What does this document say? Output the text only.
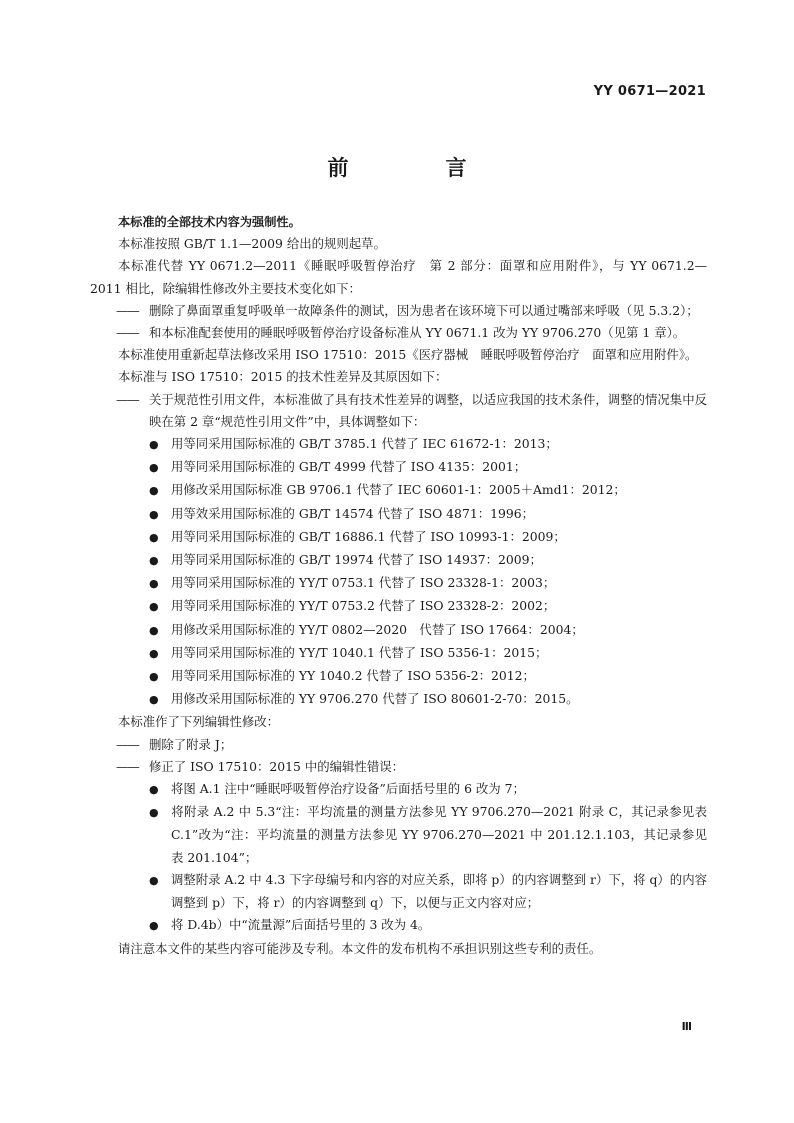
YY 0671—2021
前　言

本标准的全部技术内容为强制性。

本标准按照 GB/T 1.1—2009 给出的规则起草。

本标准代替 YY 0671.2—2011《睡眠呼吸暂停治疗　第 2 部分：面罩和应用附件》，与 YY 0671.2—2011 相比，除编辑性修改外主要技术变化如下：

—— 删除了鼻面罩重复呼吸单一故障条件的测试，因为患者在该环境下可以通过嘴部来呼吸（见 5.3.2）；

—— 和本标准配套使用的睡眠呼吸暂停治疗设备标准从 YY 0671.1 改为 YY 9706.270（见第 1 章）。

本标准使用重新起草法修改采用 ISO 17510：2015《医疗器械　睡眠呼吸暂停治疗　面罩和应用附件》。

本标准与 ISO 17510：2015 的技术性差异及其原因如下：

—— 关于规范性引用文件，本标准做了具有技术性差异的调整，以适应我国的技术条件，调整的情况集中反映在第 2 章“规范性引用文件”中，具体调整如下：

● 用等同采用国际标准的 GB/T 3785.1 代替了 IEC 61672-1：2013；

● 用等同采用国际标准的 GB/T 4999 代替了 ISO 4135：2001；

● 用修改采用国际标准 GB 9706.1 代替了 IEC 60601-1：2005＋Amd1：2012；

● 用等效采用国际标准的 GB/T 14574 代替了 ISO 4871：1996；

● 用等同采用国际标准的 GB/T 16886.1 代替了 ISO 10993-1：2009；

● 用等同采用国际标准的 GB/T 19974 代替了 ISO 14937：2009；

● 用等同采用国际标准的 YY/T 0753.1 代替了 ISO 23328-1：2003；

● 用等同采用国际标准的 YY/T 0753.2 代替了 ISO 23328-2：2002；

● 用修改采用国际标准的 YY/T 0802—2020　代替了 ISO 17664：2004；

● 用等同采用国际标准的 YY/T 1040.1 代替了 ISO 5356-1：2015；

● 用等同采用国际标准的 YY 1040.2 代替了 ISO 5356-2：2012；

● 用修改采用国际标准的 YY 9706.270 代替了 ISO 80601-2-70：2015。

本标准作了下列编辑性修改：

—— 删除了附录 J；

—— 修正了 ISO 17510：2015 中的编辑性错误：

● 将图 A.1 注中“睡眠呼吸暂停治疗设备”后面括号里的 6 改为 7；

● 将附录 A.2 中 5.3“注：平均流量的测量方法参见 YY 9706.270—2021 附录 C，其记录参见表 C.1”改为“注：平均流量的测量方法参见 YY 9706.270—2021 中 201.12.1.103，其记录参见表 201.104”；

● 调整附录 A.2 中 4.3 下字母编号和内容的对应关系，即将 p）的内容调整到 r）下，将 q）的内容调整到 p）下，将 r）的内容调整到 q）下，以便与正文内容对应；

● 将 D.4b）中“流量源”后面括号里的 3 改为 4。

请注意本文件的某些内容可能涉及专利。本文件的发布机构不承担识别这些专利的责任。

Ⅲ
